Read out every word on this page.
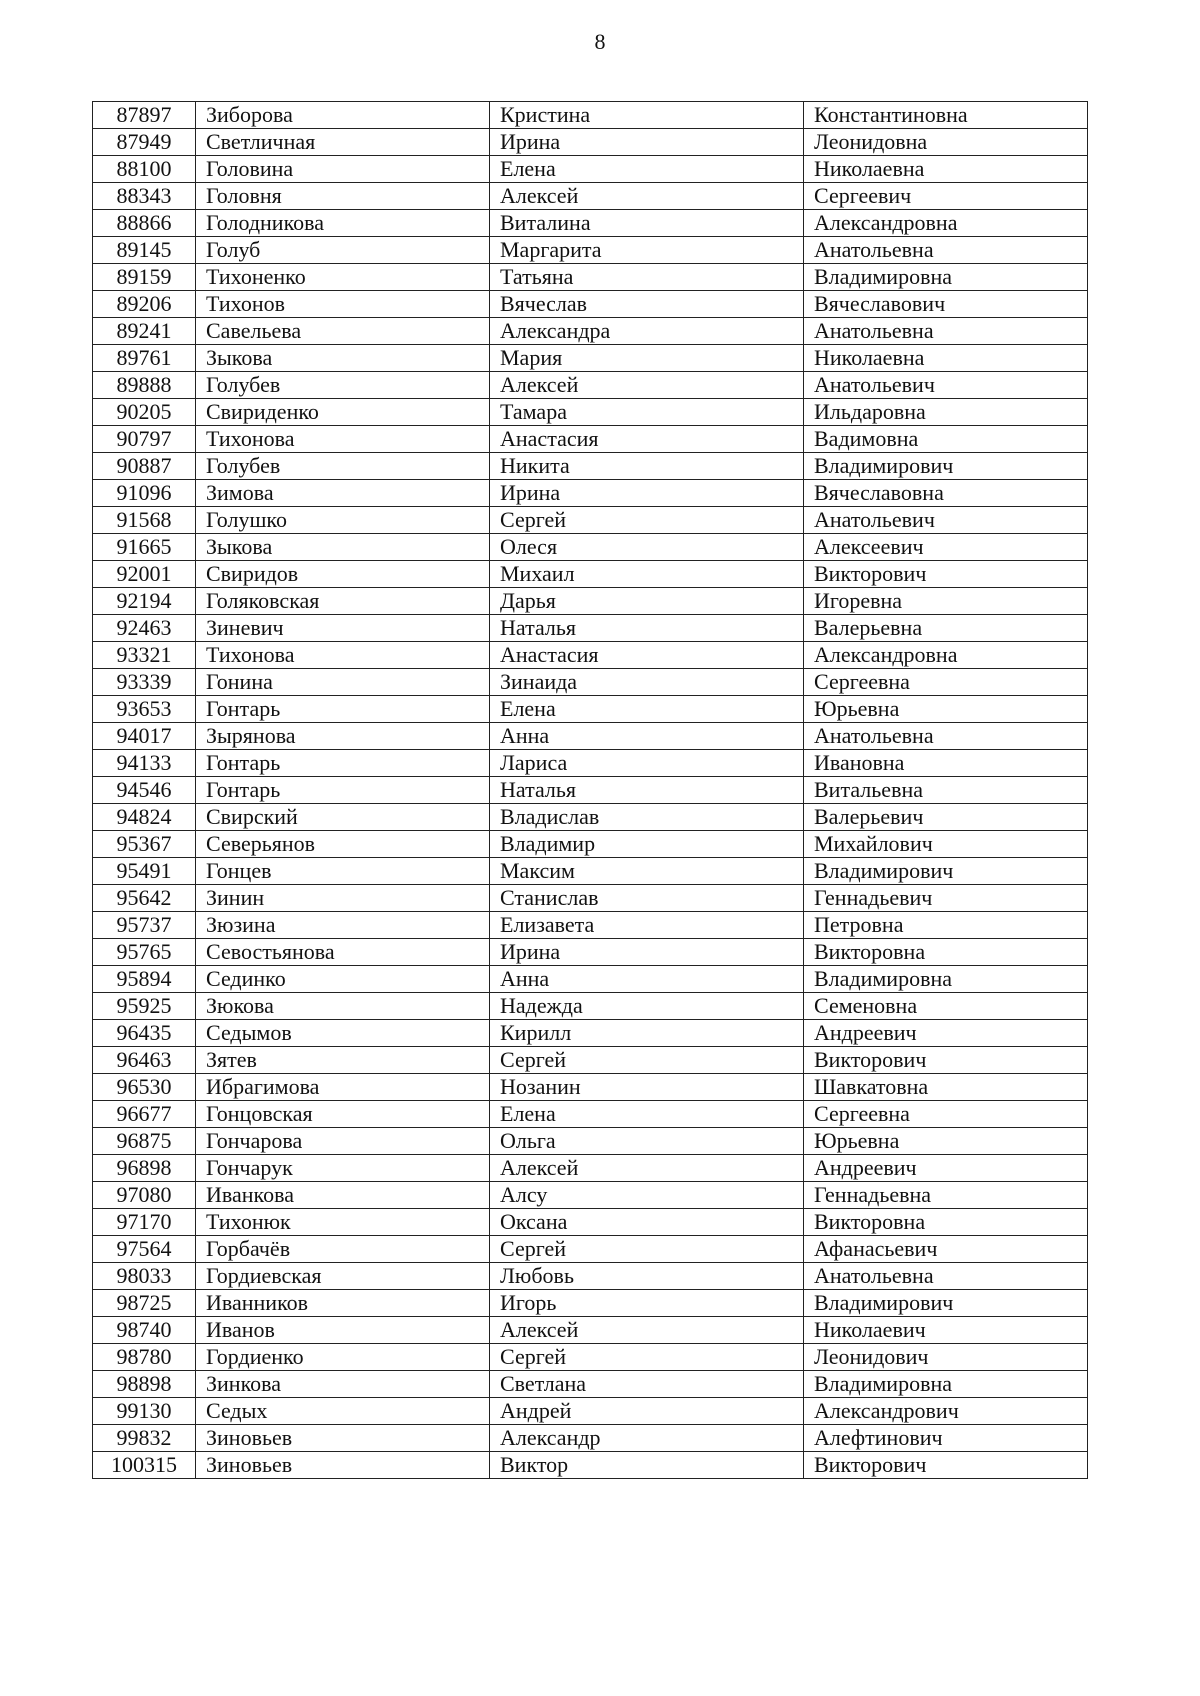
8
87897	Зиборова	Кристина	Константиновна
87949	Светличная	Ирина	Леонидовна
88100	Головина	Елена	Николаевна
88343	Головня	Алексей	Сергеевич
88866	Голодникова	Виталина	Александровна
89145	Голуб	Маргарита	Анатольевна
89159	Тихоненко	Татьяна	Владимировна
89206	Тихонов	Вячеслав	Вячеславович
89241	Савельева	Александра	Анатольевна
89761	Зыкова	Мария	Николаевна
89888	Голубев	Алексей	Анатольевич
90205	Свириденко	Тамара	Ильдаровна
90797	Тихонова	Анастасия	Вадимовна
90887	Голубев	Никита	Владимирович
91096	Зимова	Ирина	Вячеславовна
91568	Голушко	Сергей	Анатольевич
91665	Зыкова	Олеся	Алексеевич
92001	Свиридов	Михаил	Викторович
92194	Голяковская	Дарья	Игоревна
92463	Зиневич	Наталья	Валерьевна
93321	Тихонова	Анастасия	Александровна
93339	Гонина	Зинаида	Сергеевна
93653	Гонтарь	Елена	Юрьевна
94017	Зырянова	Анна	Анатольевна
94133	Гонтарь	Лариса	Ивановна
94546	Гонтарь	Наталья	Витальевна
94824	Свирский	Владислав	Валерьевич
95367	Северьянов	Владимир	Михайлович
95491	Гонцев	Максим	Владимирович
95642	Зинин	Станислав	Геннадьевич
95737	Зюзина	Елизавета	Петровна
95765	Севостьянова	Ирина	Викторовна
95894	Сединко	Анна	Владимировна
95925	Зюкова	Надежда	Семеновна
96435	Седымов	Кирилл	Андреевич
96463	Зятев	Сергей	Викторович
96530	Ибрагимова	Нозанин	Шавкатовна
96677	Гонцовская	Елена	Сергеевна
96875	Гончарова	Ольга	Юрьевна
96898	Гончарук	Алексей	Андреевич
97080	Иванкова	Алсу	Геннадьевна
97170	Тихонюк	Оксана	Викторовна
97564	Горбачёв	Сергей	Афанасьевич
98033	Гордиевская	Любовь	Анатольевна
98725	Иванников	Игорь	Владимирович
98740	Иванов	Алексей	Николаевич
98780	Гордиенко	Сергей	Леонидович
98898	Зинкова	Светлана	Владимировна
99130	Седых	Андрей	Александрович
99832	Зиновьев	Александр	Алефтинович
100315	Зиновьев	Виктор	Викторович
